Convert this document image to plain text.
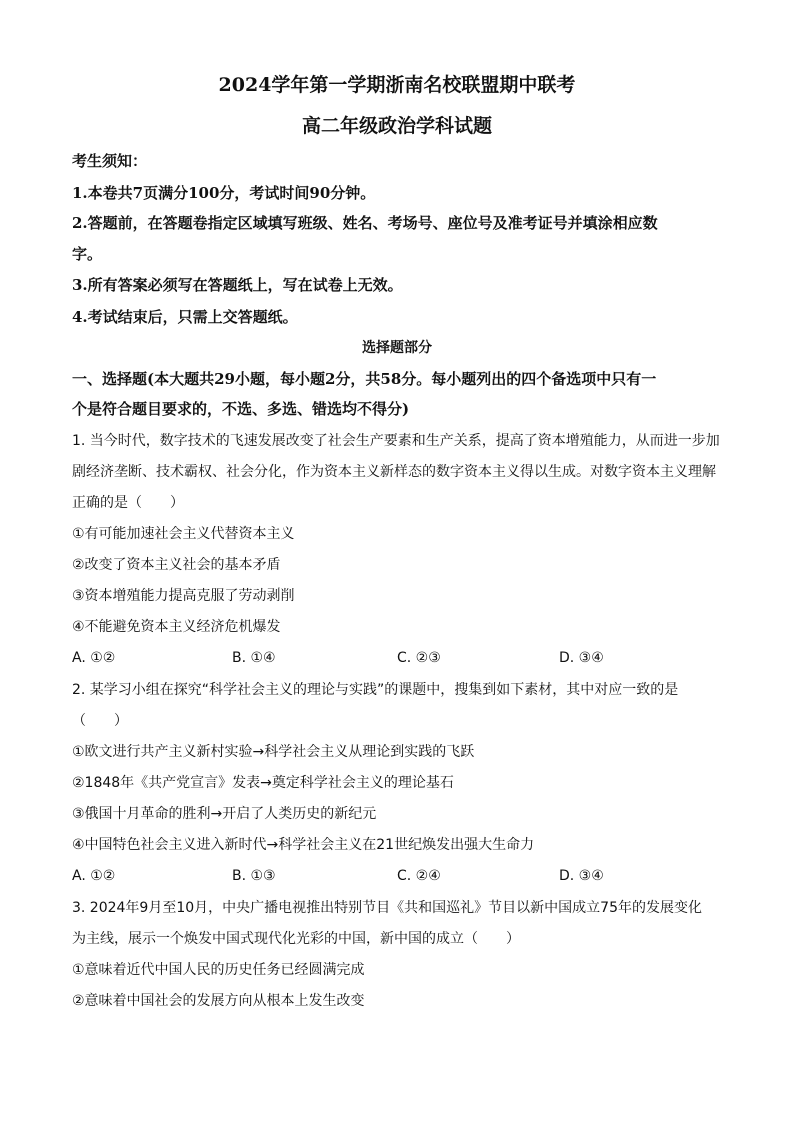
2024学年第一学期浙南名校联盟期中联考
高二年级政治学科试题
考生须知：
1.本卷共7页满分100分，考试时间90分钟。
2.答题前，在答题卷指定区域填写班级、姓名、考场号、座位号及准考证号并填涂相应数
字。
3.所有答案必须写在答题纸上，写在试卷上无效。
4.考试结束后，只需上交答题纸。
选择题部分
一、选择题(本大题共29小题，每小题2分，共58分。每小题列出的四个备选项中只有一
个是符合题目要求的，不选、多选、错选均不得分)
1. 当今时代，数字技术的飞速发展改变了社会生产要素和生产关系，提高了资本增殖能力，从而进一步加
剧经济垄断、技术霸权、社会分化，作为资本主义新样态的数字资本主义得以生成。对数字资本主义理解
正确的是（　　）
①有可能加速社会主义代替资本主义
②改变了资本主义社会的基本矛盾
③资本增殖能力提高克服了劳动剥削
④不能避免资本主义经济危机爆发
A. ①②	B. ①④	C. ②③	D. ③④
2. 某学习小组在探究“科学社会主义的理论与实践”的课题中，搜集到如下素材，其中对应一致的是
（　　）
①欧文进行共产主义新村实验→科学社会主义从理论到实践的飞跃
②1848年《共产党宣言》发表→奠定科学社会主义的理论基石
③俄国十月革命的胜利→开启了人类历史的新纪元
④中国特色社会主义进入新时代→科学社会主义在21世纪焕发出强大生命力
A. ①②	B. ①③	C. ②④	D. ③④
3. 2024年9月至10月，中央广播电视推出特别节目《共和国巡礼》节目以新中国成立75年的发展变化
为主线，展示一个焕发中国式现代化光彩的中国，新中国的成立（　　）
①意味着近代中国人民的历史任务已经圆满完成
②意味着中国社会的发展方向从根本上发生改变
